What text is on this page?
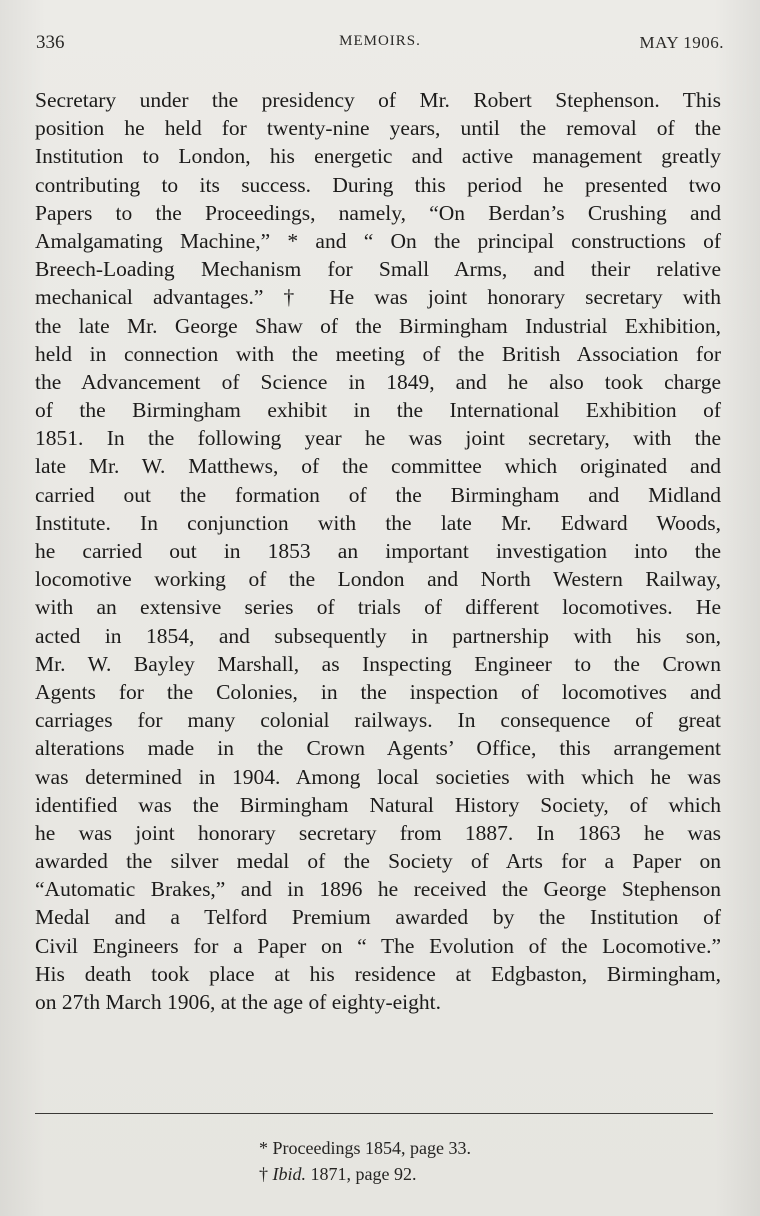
336	MEMOIRS.	MAY 1906.
Secretary under the presidency of Mr. Robert Stephenson. This
position he held for twenty-nine years, until the removal of the
Institution to London, his energetic and active management greatly
contributing to its success. During this period he presented two
Papers to the Proceedings, namely, “On Berdan’s Crushing and
Amalgamating Machine,” * and “ On the principal constructions of
Breech-Loading Mechanism for Small Arms, and their relative
mechanical advantages.” † He was joint honorary secretary with
the late Mr. George Shaw of the Birmingham Industrial Exhibition,
held in connection with the meeting of the British Association for
the Advancement of Science in 1849, and he also took charge
of the Birmingham exhibit in the International Exhibition of
1851. In the following year he was joint secretary, with the
late Mr. W. Matthews, of the committee which originated and
carried out the formation of the Birmingham and Midland
Institute. In conjunction with the late Mr. Edward Woods,
he carried out in 1853 an important investigation into the
locomotive working of the London and North Western Railway,
with an extensive series of trials of different locomotives. He
acted in 1854, and subsequently in partnership with his son,
Mr. W. Bayley Marshall, as Inspecting Engineer to the Crown
Agents for the Colonies, in the inspection of locomotives and
carriages for many colonial railways. In consequence of great
alterations made in the Crown Agents’ Office, this arrangement
was determined in 1904. Among local societies with which he was
identified was the Birmingham Natural History Society, of which
he was joint honorary secretary from 1887. In 1863 he was
awarded the silver medal of the Society of Arts for a Paper on
“Automatic Brakes,” and in 1896 he received the George Stephenson
Medal and a Telford Premium awarded by the Institution of
Civil Engineers for a Paper on “ The Evolution of the Locomotive.”
His death took place at his residence at Edgbaston, Birmingham,
on 27th March 1906, at the age of eighty-eight.
* Proceedings 1854, page 33.
† Ibid. 1871, page 92.
